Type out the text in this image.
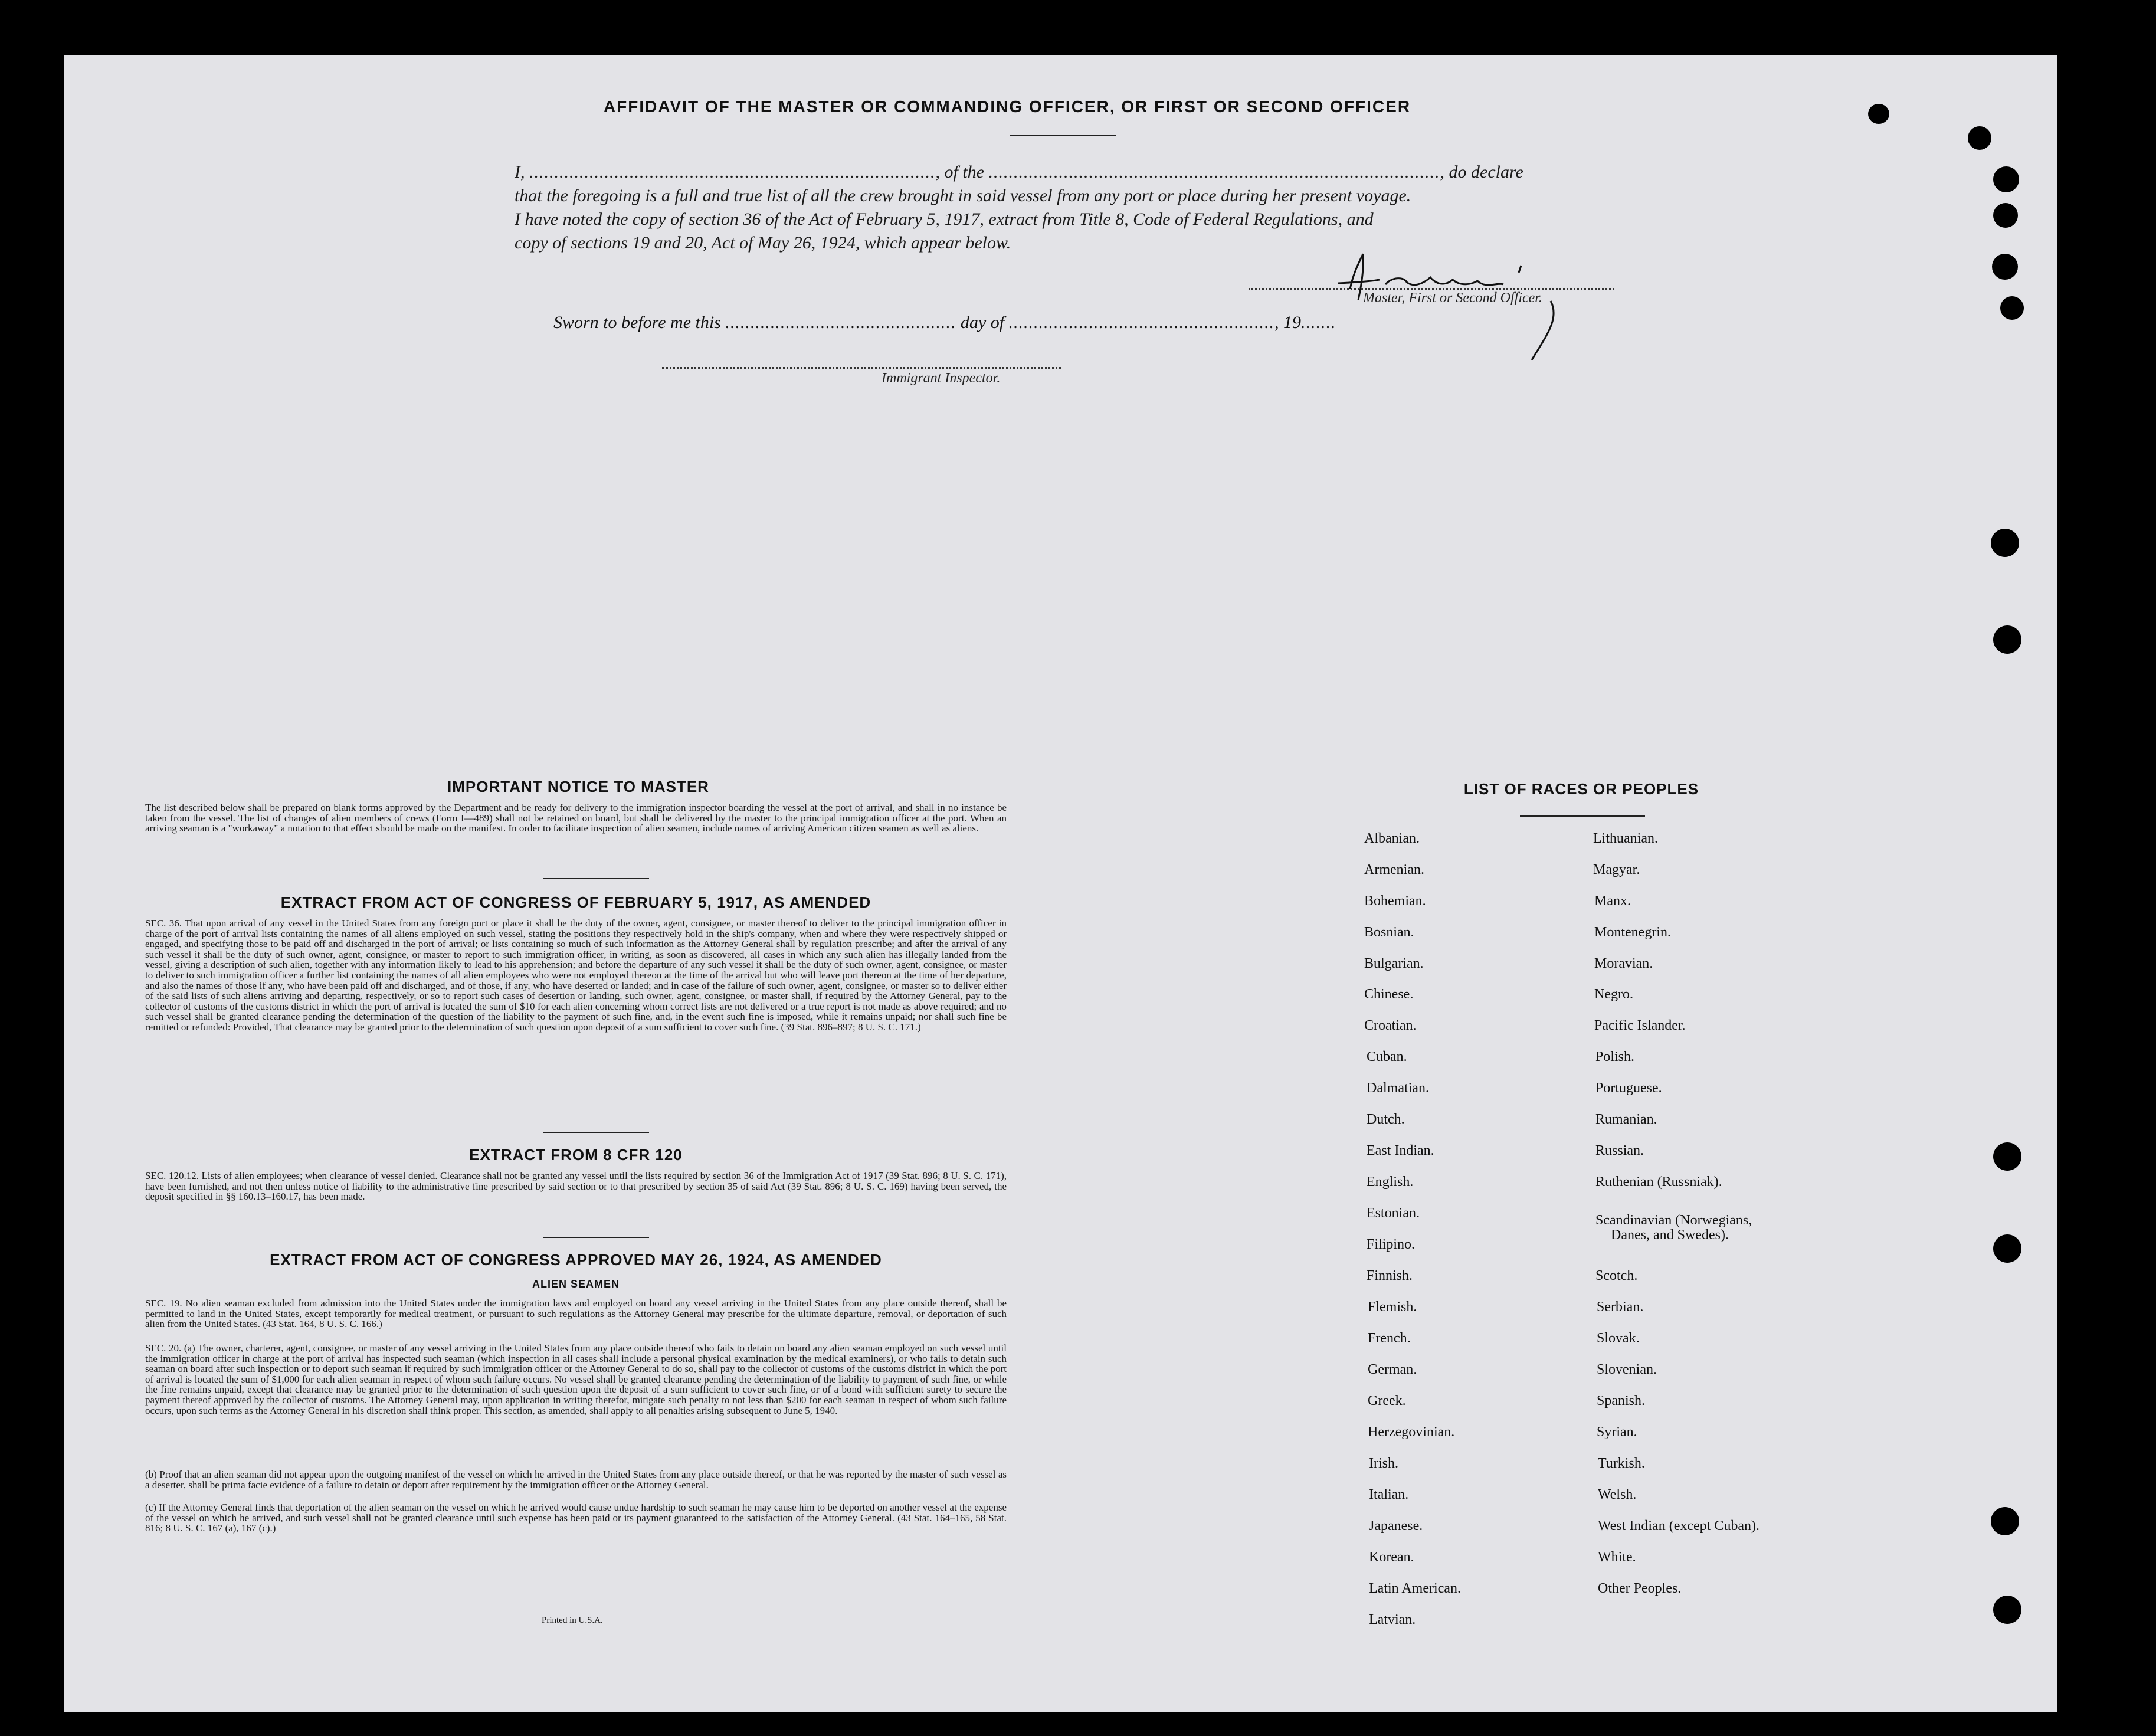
AFFIDAVIT OF THE MASTER OR COMMANDING OFFICER, OR FIRST OR SECOND OFFICER

I, ................................................................................., of the .........................................................................................., do declare

that the foregoing is a full and true list of all the crew brought in said vessel from any port or place during her present voyage.

I have noted the copy of section 36 of the Act of February 5, 1917, extract from Title 8, Code of Federal Regulations, and

copy of sections 19 and 20, Act of May 26, 1924, which appear below.

Master, First or Second Officer.
Sworn to before me this .............................................. day of ....................................................., 19.......
Immigrant Inspector.
IMPORTANT NOTICE TO MASTER
The list described below shall be prepared on blank forms approved by the Department and be ready for delivery to the immigration inspector boarding the vessel at the port of arrival, and shall in no instance be taken from the vessel. The list of changes of alien members of crews (Form I—489) shall not be retained on board, but shall be delivered by the master to the principal immigration officer at the port. When an arriving seaman is a "workaway" a notation to that effect should be made on the manifest. In order to facilitate inspection of alien seamen, include names of arriving American citizen seamen as well as aliens.
EXTRACT FROM ACT OF CONGRESS OF FEBRUARY 5, 1917, AS AMENDED
SEC. 36. That upon arrival of any vessel in the United States from any foreign port or place it shall be the duty of the owner, agent, consignee, or master thereof to deliver to the principal immigration officer in charge of the port of arrival lists containing the names of all aliens employed on such vessel, stating the positions they respectively hold in the ship's company, when and where they were respectively shipped or engaged, and specifying those to be paid off and discharged in the port of arrival; or lists containing so much of such information as the Attorney General shall by regulation prescribe; and after the arrival of any such vessel it shall be the duty of such owner, agent, consignee, or master to report to such immigration officer, in writing, as soon as discovered, all cases in which any such alien has illegally landed from the vessel, giving a description of such alien, together with any information likely to lead to his apprehension; and before the departure of any such vessel it shall be the duty of such owner, agent, consignee, or master to deliver to such immigration officer a further list containing the names of all alien employees who were not employed thereon at the time of the arrival but who will leave port thereon at the time of her departure, and also the names of those if any, who have been paid off and discharged, and of those, if any, who have deserted or landed; and in case of the failure of such owner, agent, consignee, or master so to deliver either of the said lists of such aliens arriving and departing, respectively, or so to report such cases of desertion or landing, such owner, agent, consignee, or master shall, if required by the Attorney General, pay to the collector of customs of the customs district in which the port of arrival is located the sum of $10 for each alien concerning whom correct lists are not delivered or a true report is not made as above required; and no such vessel shall be granted clearance pending the determination of the question of the liability to the payment of such fine, and, in the event such fine is imposed, while it remains unpaid; nor shall such fine be remitted or refunded: Provided, That clearance may be granted prior to the determination of such question upon deposit of a sum sufficient to cover such fine. (39 Stat. 896–897; 8 U. S. C. 171.)
EXTRACT FROM 8 CFR 120
SEC. 120.12. Lists of alien employees; when clearance of vessel denied. Clearance shall not be granted any vessel until the lists required by section 36 of the Immigration Act of 1917 (39 Stat. 896; 8 U. S. C. 171), have been furnished, and not then unless notice of liability to the administrative fine prescribed by said section or to that prescribed by section 35 of said Act (39 Stat. 896; 8 U. S. C. 169) having been served, the deposit specified in §§ 160.13–160.17, has been made.
EXTRACT FROM ACT OF CONGRESS APPROVED MAY 26, 1924, AS AMENDED
ALIEN SEAMEN
SEC. 19. No alien seaman excluded from admission into the United States under the immigration laws and employed on board any vessel arriving in the United States from any place outside thereof, shall be permitted to land in the United States, except temporarily for medical treatment, or pursuant to such regulations as the Attorney General may prescribe for the ultimate departure, removal, or deportation of such alien from the United States. (43 Stat. 164, 8 U. S. C. 166.)
SEC. 20. (a) The owner, charterer, agent, consignee, or master of any vessel arriving in the United States from any place outside thereof who fails to detain on board any alien seaman employed on such vessel until the immigration officer in charge at the port of arrival has inspected such seaman (which inspection in all cases shall include a personal physical examination by the medical examiners), or who fails to detain such seaman on board after such inspection or to deport such seaman if required by such immigration officer or the Attorney General to do so, shall pay to the collector of customs of the customs district in which the port of arrival is located the sum of $1,000 for each alien seaman in respect of whom such failure occurs. No vessel shall be granted clearance pending the determination of the liability to payment of such fine, or while the fine remains unpaid, except that clearance may be granted prior to the determination of such question upon the deposit of a sum sufficient to cover such fine, or of a bond with sufficient surety to secure the payment thereof approved by the collector of customs. The Attorney General may, upon application in writing therefor, mitigate such penalty to not less than $200 for each seaman in respect of whom such failure occurs, upon such terms as the Attorney General in his discretion shall think proper. This section, as amended, shall apply to all penalties arising subsequent to June 5, 1940.
(b) Proof that an alien seaman did not appear upon the outgoing manifest of the vessel on which he arrived in the United States from any place outside thereof, or that he was reported by the master of such vessel as a deserter, shall be prima facie evidence of a failure to detain or deport after requirement by the immigration officer or the Attorney General.
(c) If the Attorney General finds that deportation of the alien seaman on the vessel on which he arrived would cause undue hardship to such seaman he may cause him to be deported on another vessel at the expense of the vessel on which he arrived, and such vessel shall not be granted clearance until such expense has been paid or its payment guaranteed to the satisfaction of the Attorney General. (43 Stat. 164–165, 58 Stat. 816; 8 U. S. C. 167 (a), 167 (c).)
Printed in U.S.A.
LIST OF RACES OR PEOPLES
Albanian.
Armenian.
Bohemian.
Bosnian.
Bulgarian.
Chinese.
Croatian.
Cuban.
Dalmatian.
Dutch.
East Indian.
English.
Estonian.
Filipino.
Finnish.
Flemish.
French.
German.
Greek.
Herzegovinian.
Irish.
Italian.
Japanese.
Korean.
Latin American.
Latvian.
Lithuanian.
Magyar.
Manx.
Montenegrin.
Moravian.
Negro.
Pacific Islander.
Polish.
Portuguese.
Rumanian.
Russian.
Ruthenian (Russniak).
Scandinavian (Norwegians,
Danes, and Swedes).
Scotch.
Serbian.
Slovak.
Slovenian.
Spanish.
Syrian.
Turkish.
Welsh.
West Indian (except Cuban).
White.
Other Peoples.
